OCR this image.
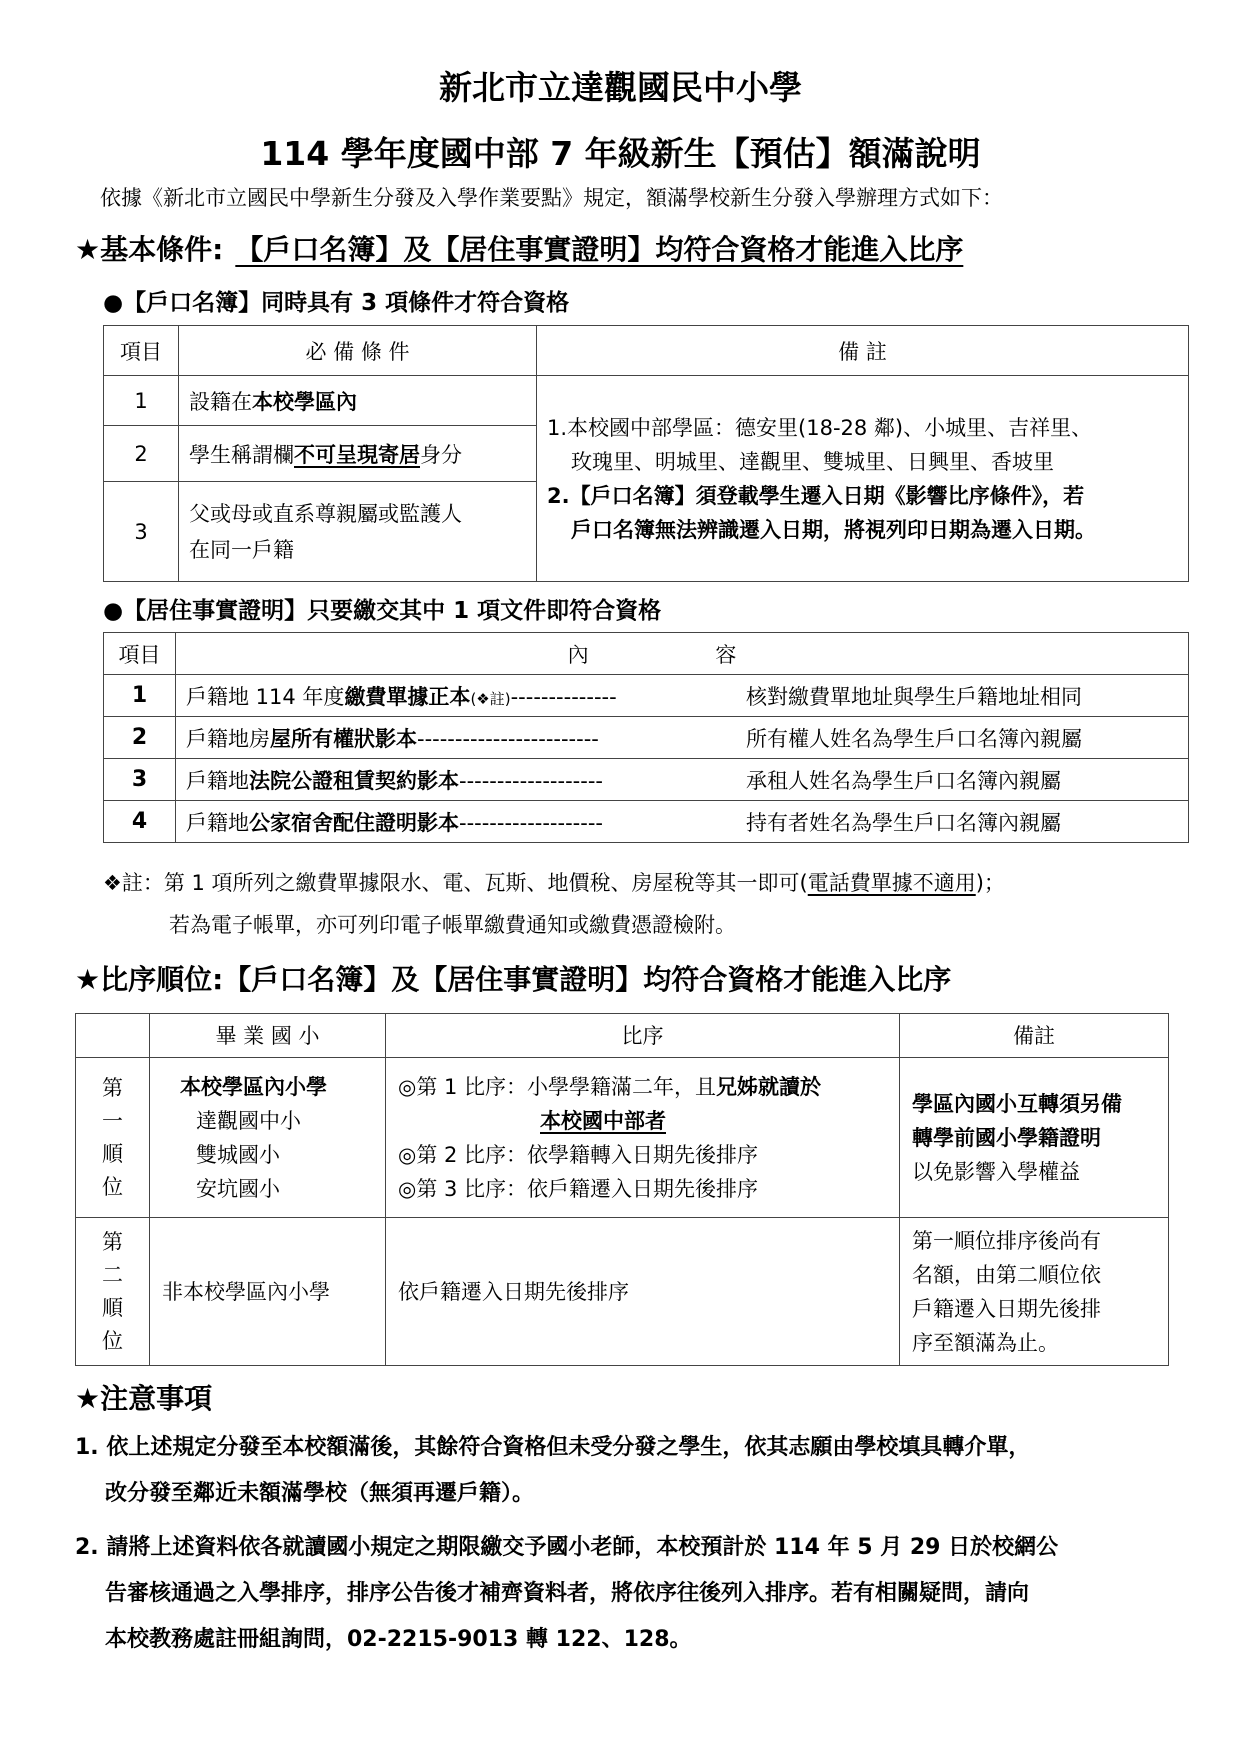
新北市立達觀國民中小學
114 學年度國中部 7 年級新生【預估】額滿說明
依據《新北市立國民中學新生分發及入學作業要點》規定，額滿學校新生分發入學辦理方式如下：
★基本條件: 【戶口名簿】及【居住事實證明】均符合資格才能進入比序
●【戶口名簿】同時具有 3 項條件才符合資格
項目	必 備 條 件	備 註
1	設籍在本校學區內	1.本校國中部學區：德安里(18-28 鄰)、小城里、吉祥里、
玫瑰里、明城里、達觀里、雙城里、日興里、香坡里
2.【戶口名簿】須登載學生遷入日期《影響比序條件》，若
戶口名簿無法辨識遷入日期，將視列印日期為遷入日期。

2	學生稱謂欄不可呈現寄居身分	
3	父或母或直系尊親屬或監護人
在同一戶籍	
●【居住事實證明】只要繳交其中 1 項文件即符合資格
項目	內 容
1	戶籍地 114 年度繳費單據正本(❖註)-------------- 核對繳費單地址與學生戶籍地址相同
2	戶籍地房屋所有權狀影本------------------------ 所有權人姓名為學生戶口名簿內親屬
3	戶籍地法院公證租賃契約影本------------------- 承租人姓名為學生戶口名簿內親屬
4	戶籍地公家宿舍配住證明影本------------------- 持有者姓名為學生戶口名簿內親屬
❖註：第 1 項所列之繳費單據限水、電、瓦斯、地價稅、房屋稅等其一即可(電話費單據不適用)；
若為電子帳單，亦可列印電子帳單繳費通知或繳費憑證檢附。
★比序順位:【戶口名簿】及【居住事實證明】均符合資格才能進入比序
	畢 業 國 小	比序	備註

第
一
順
位	本校學區內小學
達觀國中小
雙城國小
安坑國小	◎第 1 比序：小學學籍滿二年，且兄姊就讀於
本校國中部者
◎第 2 比序：依學籍轉入日期先後排序
◎第 3 比序：依戶籍遷入日期先後排序	學區內國小互轉須另備
轉學前國小學籍證明
以免影響入學權益

第
二
順
位	非本校學區內小學	依戶籍遷入日期先後排序	第一順位排序後尚有
名額，由第二順位依
戶籍遷入日期先後排
序至額滿為止。
★注意事項
1. 依上述規定分發至本校額滿後，其餘符合資格但未受分發之學生，依其志願由學校填具轉介單，
改分發至鄰近未額滿學校（無須再遷戶籍）。
2. 請將上述資料依各就讀國小規定之期限繳交予國小老師，本校預計於 114 年 5 月 29 日於校網公
告審核通過之入學排序，排序公告後才補齊資料者，將依序往後列入排序。若有相關疑問，請向
本校教務處註冊組詢問，02-2215-9013 轉 122、128。
